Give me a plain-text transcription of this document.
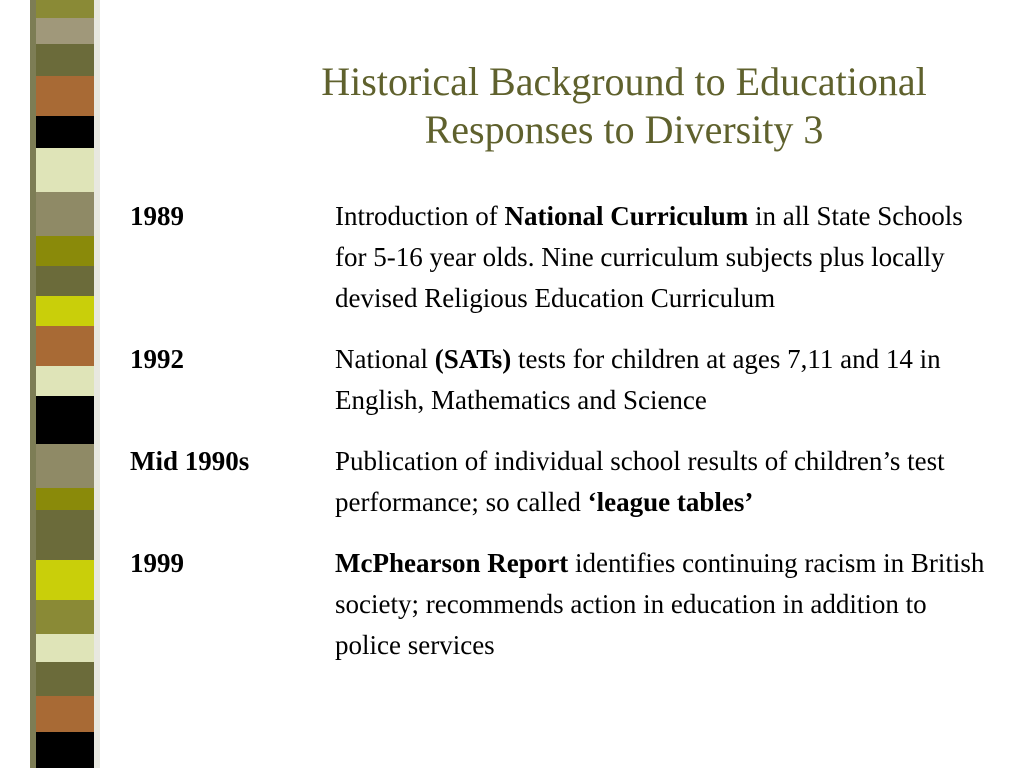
Historical Background to Educational
Responses to Diversity 3
1989	Introduction of National Curriculum in all State Schools for 5-16 year olds. Nine curriculum subjects plus locally devised Religious Education Curriculum
1992	National (SATs) tests for children at ages 7,11 and 14 in English, Mathematics and Science
Mid 1990s	Publication of individual school results of children’s test performance; so called ‘league tables’
1999	McPhearson Report identifies continuing racism in British society; recommends action in education in addition to police services
